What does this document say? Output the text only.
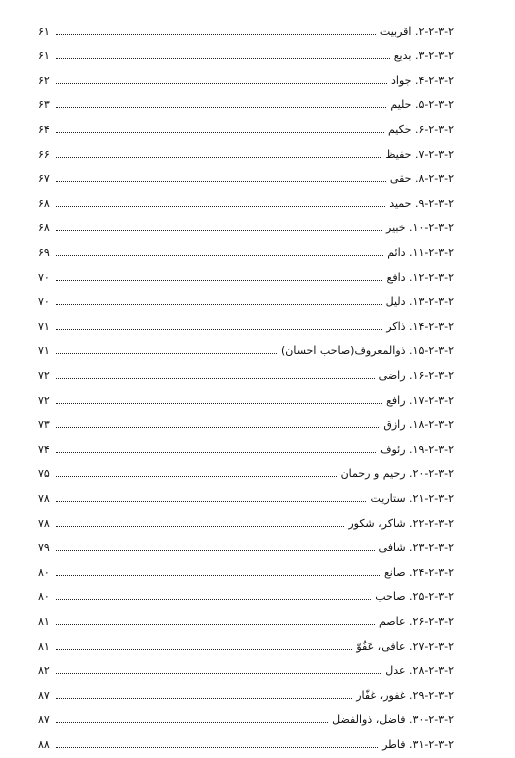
۶۱	۲-۲-۳-۲. اقربیت
۶۱	۳-۲-۳-۲. بدیع
۶۲	۴-۲-۳-۲. جواد
۶۳	۵-۲-۳-۲. حلیم
۶۴	۶-۲-۳-۲. حکیم
۶۶	۷-۲-۳-۲. حفیظ
۶۷	۸-۲-۳-۲. حقی
۶۸	۹-۲-۳-۲. حمید
۶۸	۱۰-۲-۳-۲. خبیر
۶۹	۱۱-۲-۳-۲. دائم
۷۰	۱۲-۲-۳-۲. دافع
۷۰	۱۳-۲-۳-۲. دلیل
۷۱	۱۴-۲-۳-۲. ذاکر
۷۱	۱۵-۲-۳-۲. ذوالمعروف(صاحب احسان)
۷۲	۱۶-۲-۳-۲. راضی
۷۲	۱۷-۲-۳-۲. رافع
۷۳	۱۸-۲-۳-۲. رازق
۷۴	۱۹-۲-۳-۲. رئوف
۷۵	۲۰-۲-۳-۲. رحیم و رحمان
۷۸	۲۱-۲-۳-۲. ستاریت
۷۸	۲۲-۲-۳-۲. شاکر، شکور
۷۹	۲۳-۲-۳-۲. شافی
۸۰	۲۴-۲-۳-۲. صانع
۸۰	۲۵-۲-۳-۲. صاحب
۸۱	۲۶-۲-۳-۲. عاصم
۸۱	۲۷-۲-۳-۲. عافی، عَفُوّ
۸۲	۲۸-۲-۳-۲. عدل
۸۷	۲۹-۲-۳-۲. غفور، غفّار
۸۷	۳۰-۲-۳-۲. فاضل، ذوالفضل
۸۸	۳۱-۲-۳-۲. فاطر
